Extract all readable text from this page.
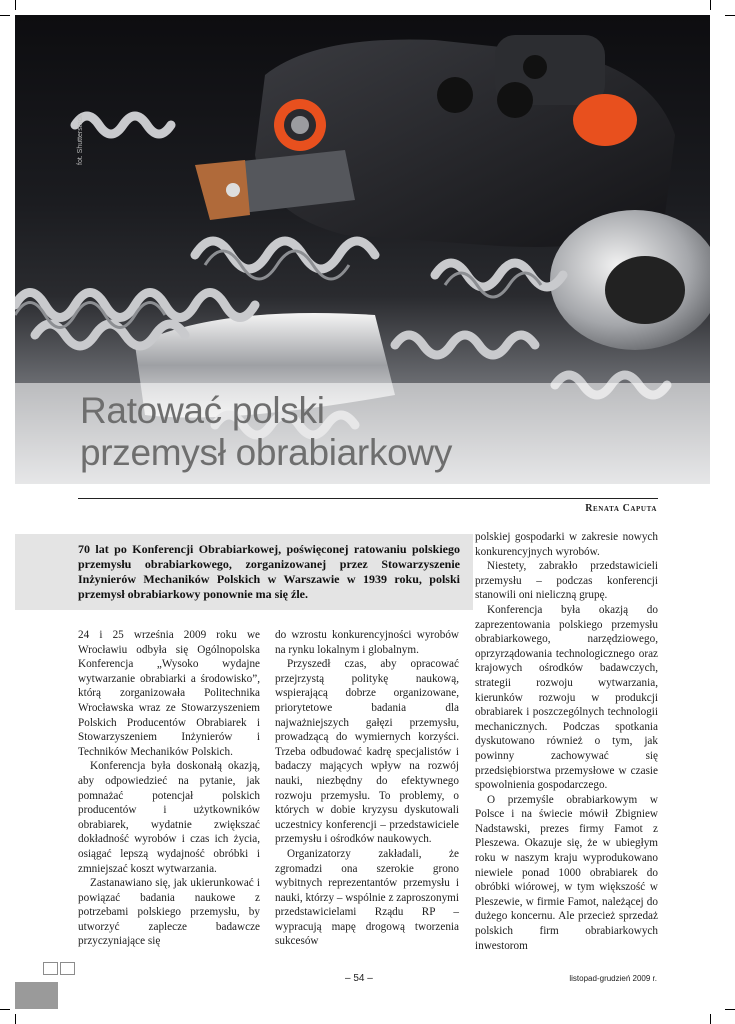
fot. Shutterstock
Ratować polski
przemysł obrabiarkowy
Renata Caputa

70 lat po Konferencji Obrabiarkowej, poświęconej ratowaniu polskiego przemysłu obrabiarkowego, zorganizowanej przez Stowarzyszenie Inżynierów Mechaników Polskich w Warszawie w 1939 roku, polski przemysł obrabiarkowy ponownie ma się źle.

24 i 25 września 2009 roku we Wrocławiu odbyła się Ogólnopolska Konferencja „Wysoko wydajne wytwarzanie obrabiarki a środowisko”, którą zorganizowała Politechnika Wrocławska wraz ze Stowarzyszeniem Polskich Producentów Obrabiarek i Stowarzyszeniem Inżynierów i Techników Mechaników Polskich.

Konferencja była doskonałą okazją, aby odpowiedzieć na pytanie, jak pomnażać potencjał polskich producentów i użytkowników obrabiarek, wydatnie zwiększać dokładność wyrobów i czas ich życia, osiągać lepszą wydajność obróbki i zmniejszać koszt wytwarzania.

Zastanawiano się, jak ukierunkować i powiązać badania naukowe z potrzebami polskiego przemysłu, by utworzyć zaplecze badawcze przyczyniające się

do wzrostu konkurencyjności wyrobów na rynku lokalnym i globalnym.

Przyszedł czas, aby opracować przejrzystą politykę naukową, wspierającą dobrze organizowane, priorytetowe badania dla najważniejszych gałęzi przemysłu, prowadzącą do wymiernych korzyści. Trzeba odbudować kadrę specjalistów i badaczy mających wpływ na rozwój nauki, niezbędny do efektywnego rozwoju przemysłu. To problemy, o których w dobie kryzysu dyskutowali uczestnicy konferencji – przedstawiciele przemysłu i ośrodków naukowych.

Organizatorzy zakładali, że zgromadzi ona szerokie grono wybitnych reprezentantów przemysłu i nauki, którzy – wspólnie z zaproszonymi przedstawicielami Rządu RP – wypracują mapę drogową tworzenia sukcesów

polskiej gospodarki w zakresie nowych konkurencyjnych wyrobów.

Niestety, zabrakło przedstawicieli przemysłu – podczas konferencji stanowili oni nieliczną grupę.

Konferencja była okazją do zaprezentowania polskiego przemysłu obrabiarkowego, narzędziowego, oprzyrządowania technologicznego oraz krajowych ośrodków badawczych, strategii rozwoju wytwarzania, kierunków rozwoju w produkcji obrabiarek i poszczególnych technologii mechanicznych. Podczas spotkania dyskutowano również o tym, jak powinny zachowywać się przedsiębiorstwa przemysłowe w czasie spowolnienia gospodarczego.

O przemyśle obrabiarkowym w Polsce i na świecie mówił Zbigniew Nadstawski, prezes firmy Famot z Pleszewa. Okazuje się, że w ubiegłym roku w naszym kraju wyprodukowano niewiele ponad 1000 obrabiarek do obróbki wiórowej, w tym większość w Pleszewie, w firmie Famot, należącej do dużego koncernu. Ale przecież sprzedaż polskich firm obrabiarkowych inwestorom

– 54 –	listopad-grudzień 2009 r.
